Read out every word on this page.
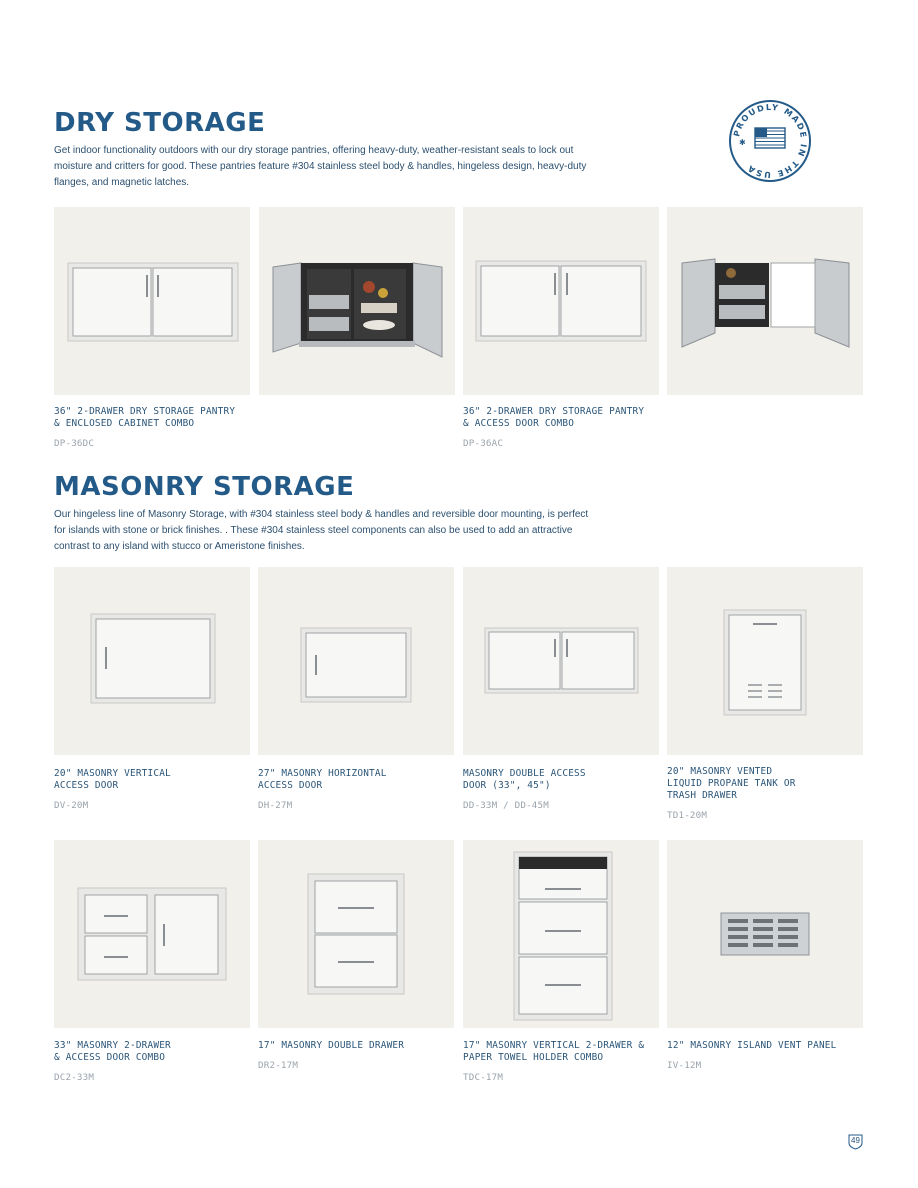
DRY STORAGE

Get indoor functionality outdoors with our dry storage pantries, offering heavy-duty, weather-resistant seals to lock out moisture and critters for good. These pantries feature #304 stainless steel body & handles, hingeless design, heavy-duty flanges, and magnetic latches.

PROUDLY MADE IN THE USA
✱
36" 2-DRAWER DRY STORAGE PANTRY
& ENCLOSED CABINET COMBO
DP-36DC
36" 2-DRAWER DRY STORAGE PANTRY
& ACCESS DOOR COMBO
DP-36AC
MASONRY STORAGE

Our hingeless line of Masonry Storage, with #304 stainless steel body & handles and reversible door mounting, is perfect for islands with stone or brick finishes. . These #304 stainless steel components can also be used to add an attractive contrast to any island with stucco or Ameristone finishes.

20" MASONRY VERTICAL
ACCESS DOOR
DV-20M
27" MASONRY HORIZONTAL
ACCESS DOOR
DH-27M
MASONRY DOUBLE ACCESS
DOOR (33", 45")
DD-33M / DD-45M
20" MASONRY VENTED
LIQUID PROPANE TANK OR
TRASH DRAWER
TD1-20M
33" MASONRY 2-DRAWER
& ACCESS DOOR COMBO
DC2-33M
17" MASONRY DOUBLE DRAWER
DR2-17M
17" MASONRY VERTICAL 2-DRAWER &
PAPER TOWEL HOLDER COMBO
TDC-17M
12" MASONRY ISLAND VENT PANEL
IV-12M
49
